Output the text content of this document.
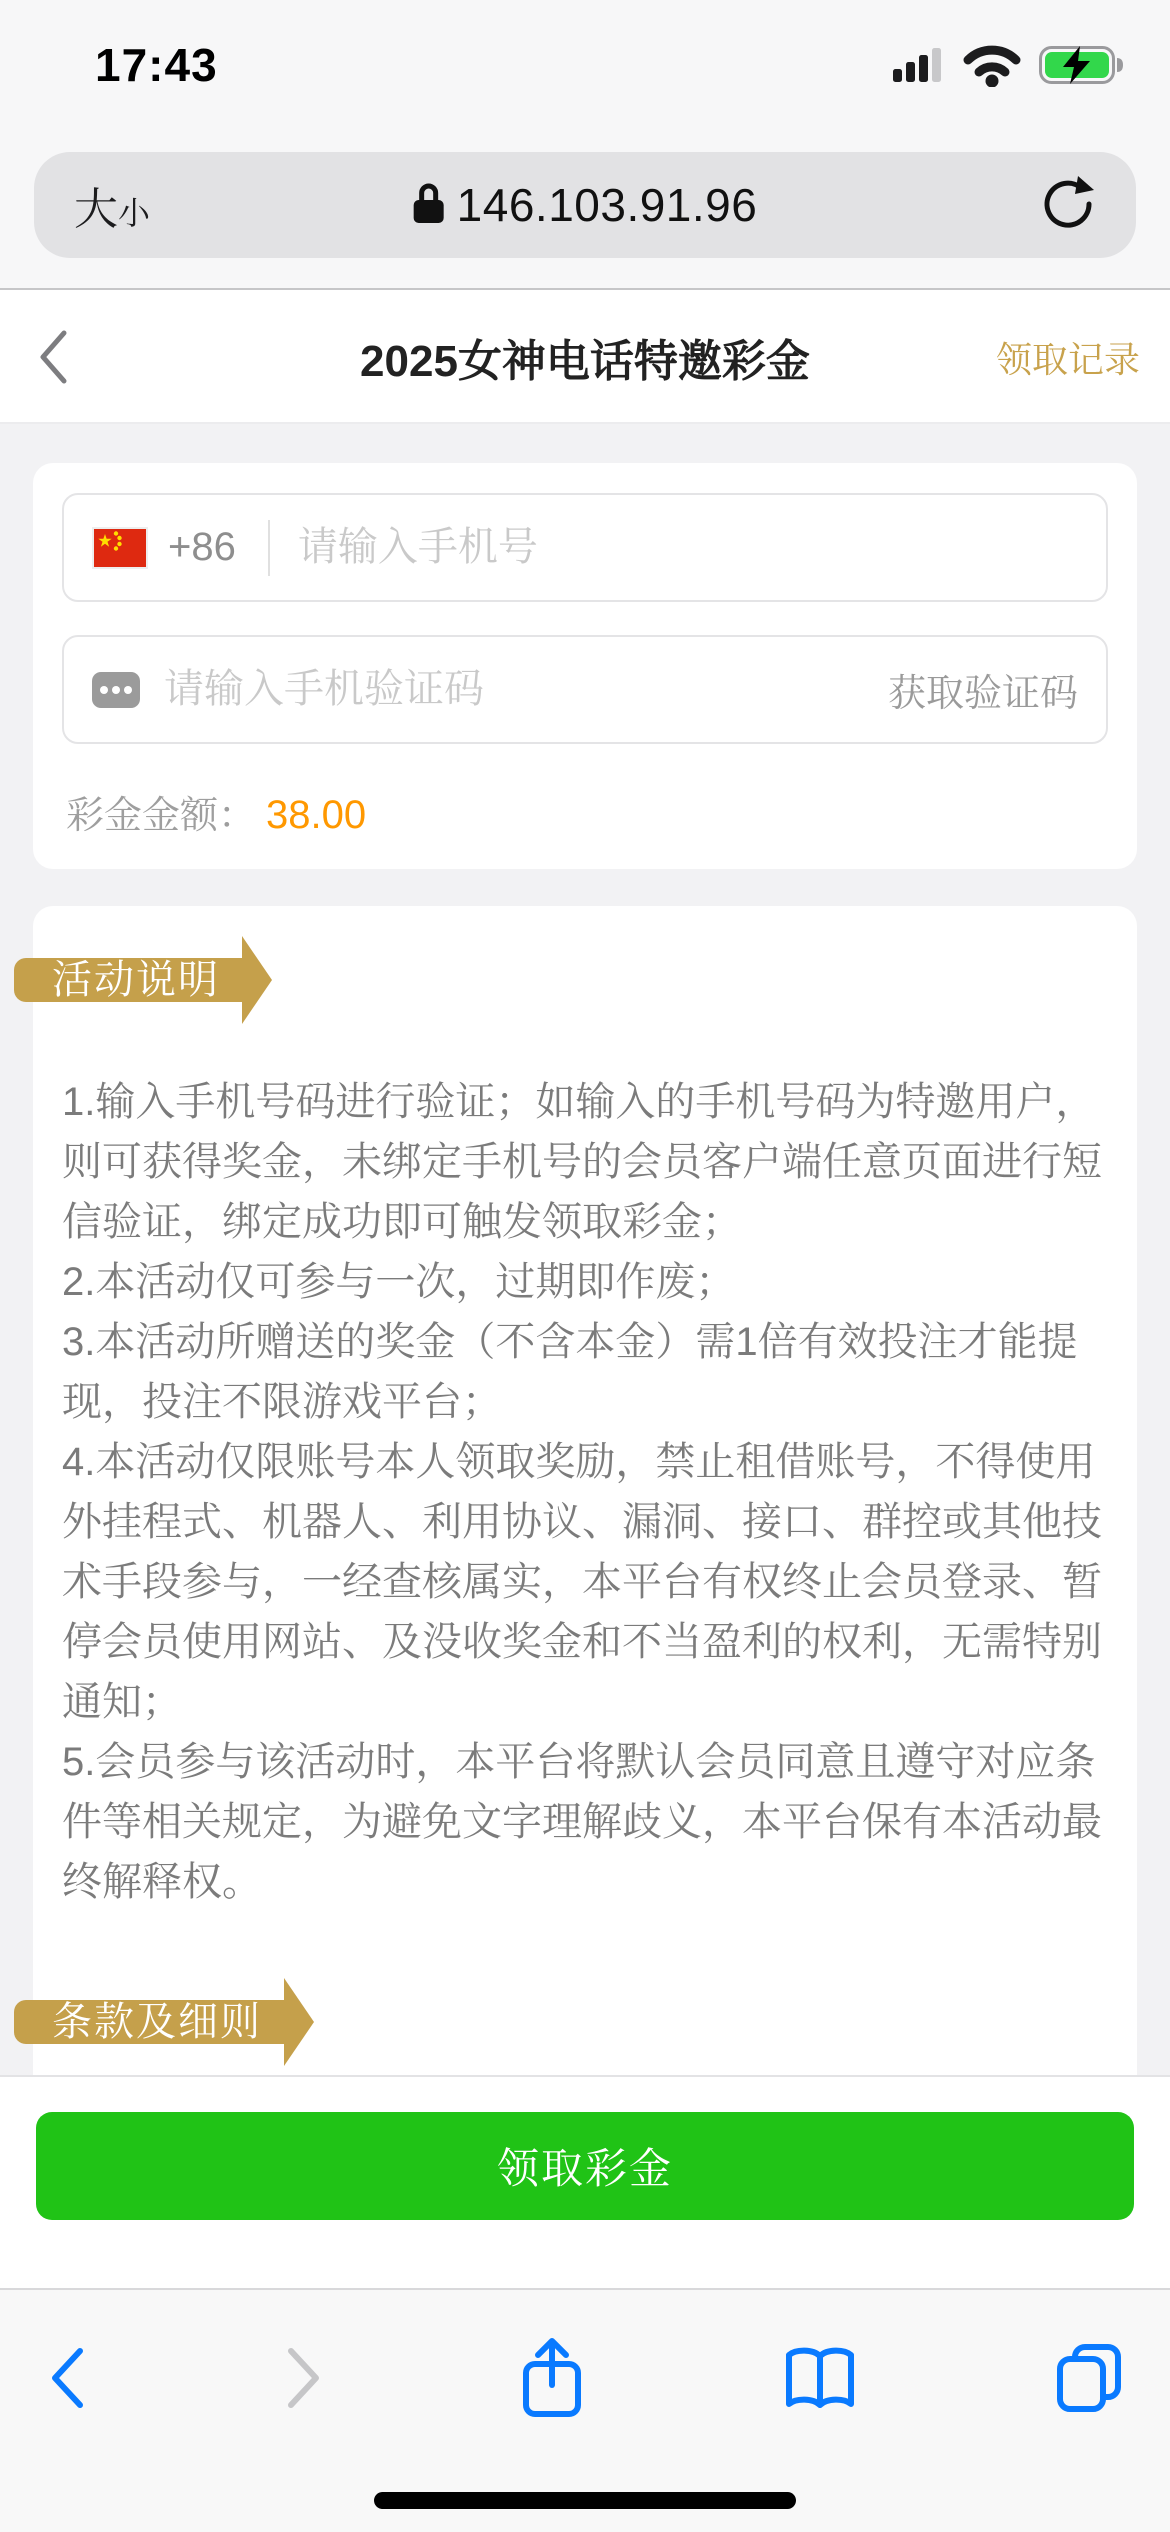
17:43
大 小	146.103.91.96
2025女神电话特邀彩金	领取记录
+86
请输入手机号
请输入手机验证码
获取验证码
彩金金额： 38.00
活动说明

1.输入手机号码进行验证；如输入的手机号码为特邀用户，则可获得奖金，未绑定手机号的会员客户端任意页面进行短信验证，绑定成功即可触发领取彩金；

2.本活动仅可参与一次，过期即作废；

3.本活动所赠送的奖金（不含本金）需1倍有效投注才能提现，投注不限游戏平台；

4.本活动仅限账号本人领取奖励，禁止租借账号，不得使用外挂程式、机器人、利用协议、漏洞、接口、群控或其他技术手段参与，一经查核属实，本平台有权终止会员登录、暂停会员使用网站、及没收奖金和不当盈利的权利，无需特别通知；

5.会员参与该活动时，本平台将默认会员同意且遵守对应条件等相关规定，为避免文字理解歧义，本平台保有本活动最终解释权。

条款及细则
领取彩金
